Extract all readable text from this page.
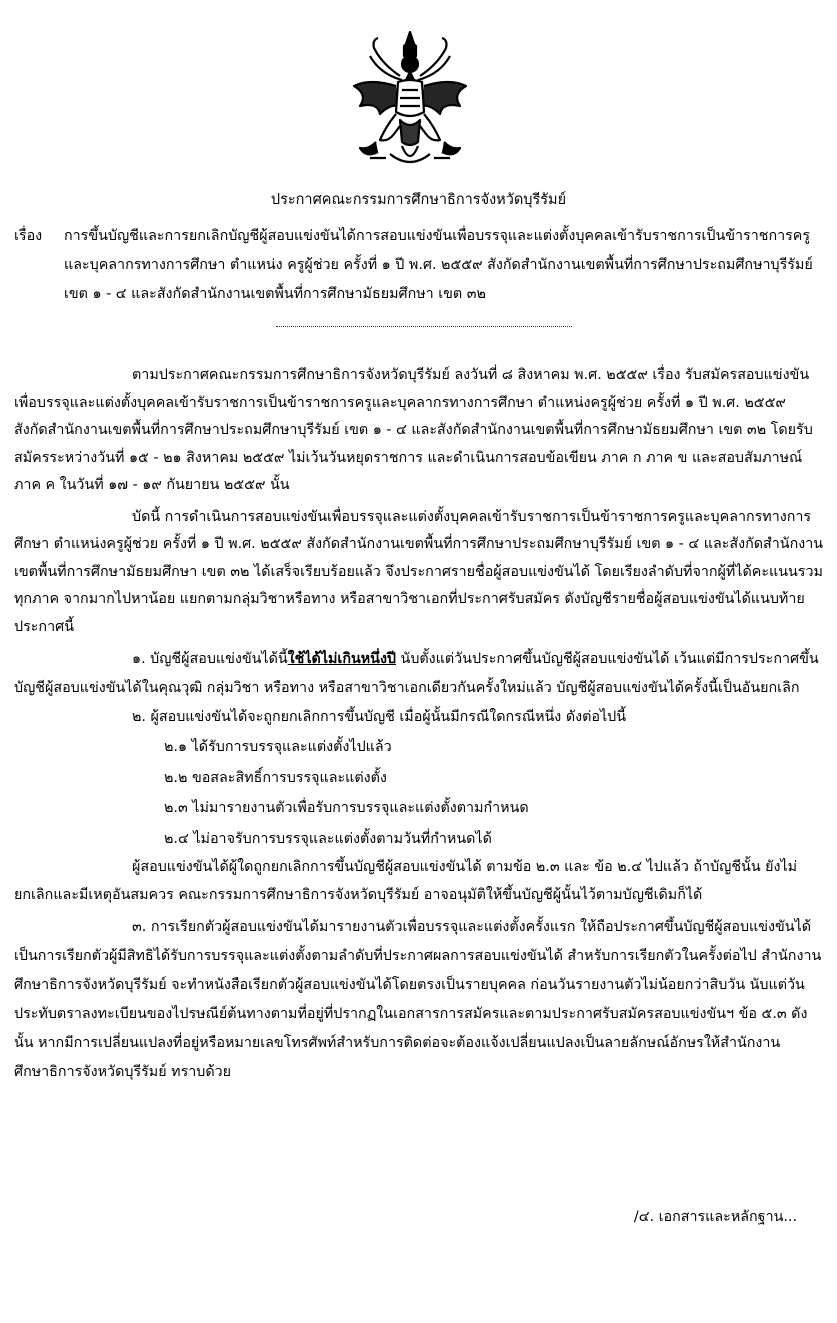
ประกาศคณะกรรมการศึกษาธิการจังหวัดบุรีรัมย์
เรื่อง การขึ้นบัญชีและการยกเลิกบัญชีผู้สอบแข่งขันได้การสอบแข่งขันเพื่อบรรจุและแต่งตั้งบุคคลเข้ารับราชการเป็นข้าราชการครูและบุคลากรทางการศึกษา ตำแหน่ง ครูผู้ช่วย ครั้งที่ ๑ ปี พ.ศ. ๒๕๕๙ สังกัดสำนักงานเขตพื้นที่การศึกษาประถมศึกษาบุรีรัมย์ เขต ๑ - ๔ และสังกัดสำนักงานเขตพื้นที่การศึกษามัธยมศึกษา เขต ๓๒

ตามประกาศคณะกรรมการศึกษาธิการจังหวัดบุรีรัมย์ ลงวันที่ ๘ สิงหาคม พ.ศ. ๒๕๕๙ เรื่อง รับสมัครสอบแข่งขันเพื่อบรรจุและแต่งตั้งบุคคลเข้ารับราชการเป็นข้าราชการครูและบุคลากรทางการศึกษา ตำแหน่งครูผู้ช่วย ครั้งที่ ๑ ปี พ.ศ. ๒๕๕๙ สังกัดสำนักงานเขตพื้นที่การศึกษาประถมศึกษาบุรีรัมย์ เขต ๑ - ๔ และสังกัดสำนักงานเขตพื้นที่การศึกษามัธยมศึกษา เขต ๓๒ โดยรับสมัครระหว่างวันที่ ๑๕ - ๒๑ สิงหาคม ๒๕๕๙ ไม่เว้นวันหยุดราชการ และดำเนินการสอบข้อเขียน ภาค ก ภาค ข และสอบสัมภาษณ์ ภาค ค ในวันที่ ๑๗ - ๑๙ กันยายน ๒๕๕๙ นั้น

บัดนี้ การดำเนินการสอบแข่งขันเพื่อบรรจุและแต่งตั้งบุคคลเข้ารับราชการเป็นข้าราชการครูและบุคลากรทางการศึกษา ตำแหน่งครูผู้ช่วย ครั้งที่ ๑ ปี พ.ศ. ๒๕๕๙ สังกัดสำนักงานเขตพื้นที่การศึกษาประถมศึกษาบุรีรัมย์ เขต ๑ - ๔ และสังกัดสำนักงานเขตพื้นที่การศึกษามัธยมศึกษา เขต ๓๒ ได้เสร็จเรียบร้อยแล้ว จึงประกาศรายชื่อผู้สอบแข่งขันได้ โดยเรียงลำดับที่จากผู้ที่ได้คะแนนรวมทุกภาค จากมากไปหาน้อย แยกตามกลุ่มวิชาหรือทาง หรือสาขาวิชาเอกที่ประกาศรับสมัคร ดังบัญชีรายชื่อผู้สอบแข่งขันได้แนบท้ายประกาศนี้

๑. บัญชีผู้สอบแข่งขันได้นี้ใช้ได้ไม่เกินหนึ่งปี นับตั้งแต่วันประกาศขึ้นบัญชีผู้สอบแข่งขันได้ เว้นแต่มีการประกาศขึ้นบัญชีผู้สอบแข่งขันได้ในคุณวุฒิ กลุ่มวิชา หรือทาง หรือสาขาวิชาเอกเดียวกันครั้งใหม่แล้ว บัญชีผู้สอบแข่งขันได้ครั้งนี้เป็นอันยกเลิก

๒. ผู้สอบแข่งขันได้จะถูกยกเลิกการขึ้นบัญชี เมื่อผู้นั้นมีกรณีใดกรณีหนึ่ง ดังต่อไปนี้

๒.๑ ได้รับการบรรจุและแต่งตั้งไปแล้ว
๒.๒ ขอสละสิทธิ์การบรรจุและแต่งตั้ง
๒.๓ ไม่มารายงานตัวเพื่อรับการบรรจุและแต่งตั้งตามกำหนด
๒.๔ ไม่อาจรับการบรรจุและแต่งตั้งตามวันที่กำหนดได้

ผู้สอบแข่งขันได้ผู้ใดถูกยกเลิกการขึ้นบัญชีผู้สอบแข่งขันได้ ตามข้อ ๒.๓ และ ข้อ ๒.๔ ไปแล้ว ถ้าบัญชีนั้น ยังไม่ยกเลิกและมีเหตุอันสมควร คณะกรรมการศึกษาธิการจังหวัดบุรีรัมย์ อาจอนุมัติให้ขึ้นบัญชีผู้นั้นไว้ตามบัญชีเดิมก็ได้

๓. การเรียกตัวผู้สอบแข่งขันได้มารายงานตัวเพื่อบรรจุและแต่งตั้งครั้งแรก ให้ถือประกาศขึ้นบัญชีผู้สอบแข่งขันได้เป็นการเรียกตัวผู้มีสิทธิได้รับการบรรจุและแต่งตั้งตามลำดับที่ประกาศผลการสอบแข่งขันได้ สำหรับการเรียกตัวในครั้งต่อไป สำนักงานศึกษาธิการจังหวัดบุรีรัมย์ จะทำหนังสือเรียกตัวผู้สอบแข่งขันได้โดยตรงเป็นรายบุคคล ก่อนวันรายงานตัวไม่น้อยกว่าสิบวัน นับแต่วันประทับตราลงทะเบียนของไปรษณีย์ต้นทางตามที่อยู่ที่ปรากฏในเอกสารการสมัครและตามประกาศรับสมัครสอบแข่งขันฯ ข้อ ๕.๓ ดังนั้น หากมีการเปลี่ยนแปลงที่อยู่หรือหมายเลขโทรศัพท์สำหรับการติดต่อจะต้องแจ้งเปลี่ยนแปลงเป็นลายลักษณ์อักษรให้สำนักงานศึกษาธิการจังหวัดบุรีรัมย์ ทราบด้วย

/๔. เอกสารและหลักฐาน...
